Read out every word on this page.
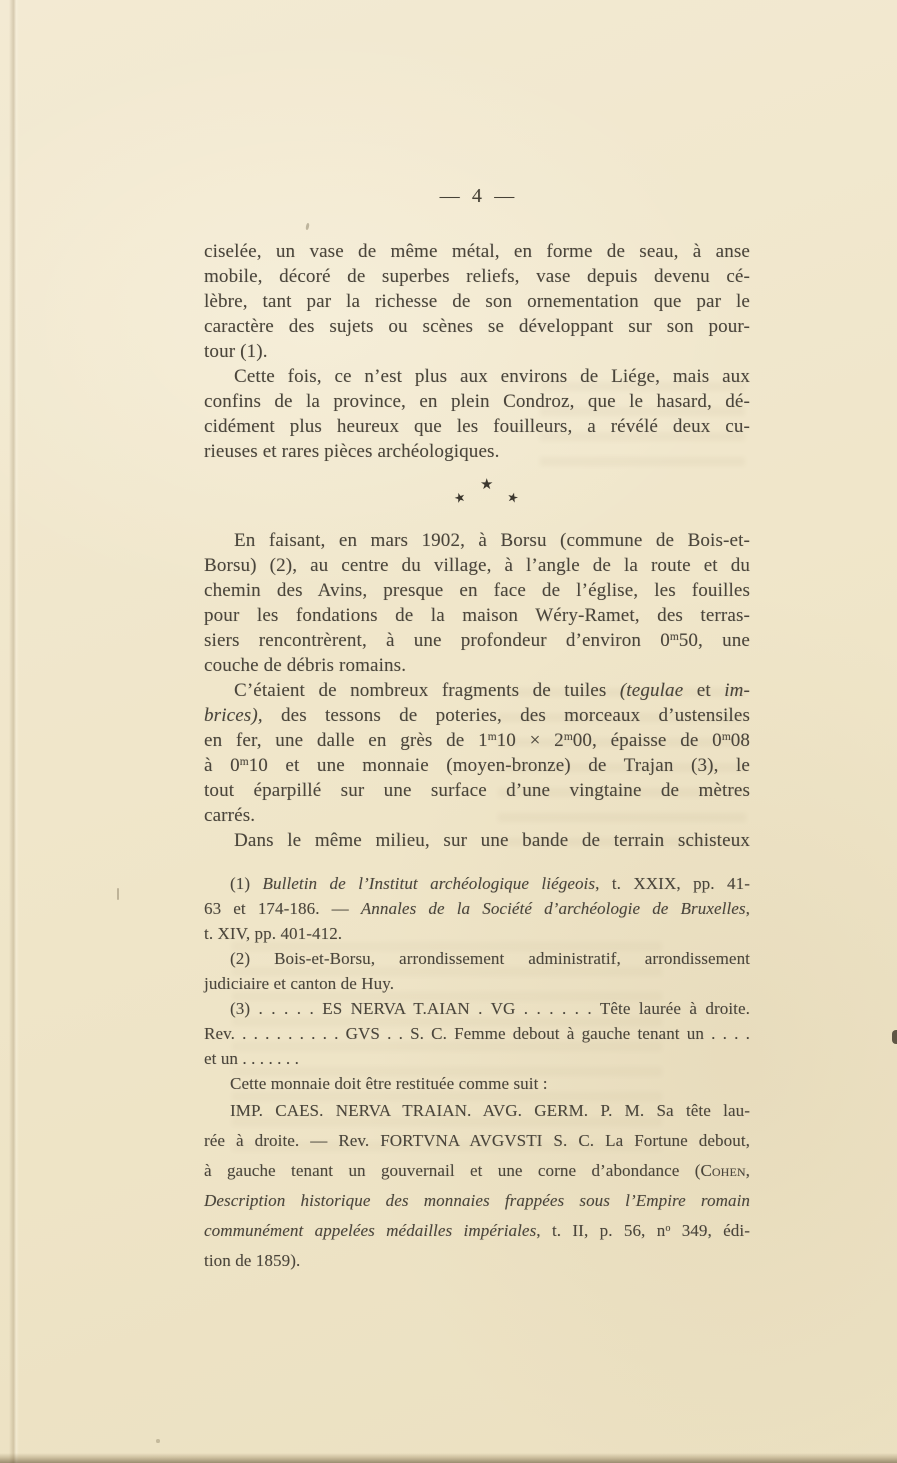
— 4 —
ciselée, un vase de même métal, en forme de seau, à anse
mobile, décoré de superbes reliefs, vase depuis devenu cé-
lèbre, tant par la richesse de son ornementation que par le
caractère des sujets ou scènes se développant sur son pour-
tour (1).
Cette fois, ce n’est plus aux environs de Liége, mais aux
confins de la province, en plein Condroz, que le hasard, dé-
cidément plus heureux que les fouilleurs, a révélé deux cu-
rieuses et rares pièces archéologiques.
★
★
★
En faisant, en mars 1902, à Borsu (commune de Bois-et-
Borsu) (2), au centre du village, à l’angle de la route et du
chemin des Avins, presque en face de l’église, les fouilles
pour les fondations de la maison Wéry-Ramet, des terras-
siers rencontrèrent, à une profondeur d’environ 0$^m$50, une
couche de débris romains.
C’étaient de nombreux fragments de tuiles (tegulae et im-
brices), des tessons de poteries, des morceaux d’ustensiles
en fer, une dalle en grès de $1^m10 \times 2^m00$, épaisse de 0$^m$08
à 0$^m$10 et une monnaie (moyen-bronze) de Trajan (3), le
tout éparpillé sur une surface d’une vingtaine de mètres
carrés.
Dans le même milieu, sur une bande de terrain schisteux
(1) Bulletin de l’Institut archéologique liégeois, t. XXIX, pp. 41-
63 et 174-186. — Annales de la Société d’archéologie de Bruxelles,
t. XIV, pp. 401-412.
(2) Bois-et-Borsu, arrondissement administratif, arrondissement
judiciaire et canton de Huy.
(3) . . . . . ES NERVA T.AIAN . VG . . . . . . Tête laurée à droite.
Rev. . . . . . . . . . GVS . . S. C. Femme debout à gauche tenant un . . . .
et un . . . . . . .
Cette monnaie doit être restituée comme suit :
IMP. CAES. NERVA TRAIAN. AVG. GERM. P. M. Sa tête lau-
rée à droite. — Rev. FORTVNA AVGVSTI S. C. La Fortune debout,
à gauche tenant un gouvernail et une corne d’abondance (Cohen,
Description historique des monnaies frappées sous l’Empire romain
communément appelées médailles impériales, t. II, p. 56, $n^o$ 349, édi-
tion de 1859).
